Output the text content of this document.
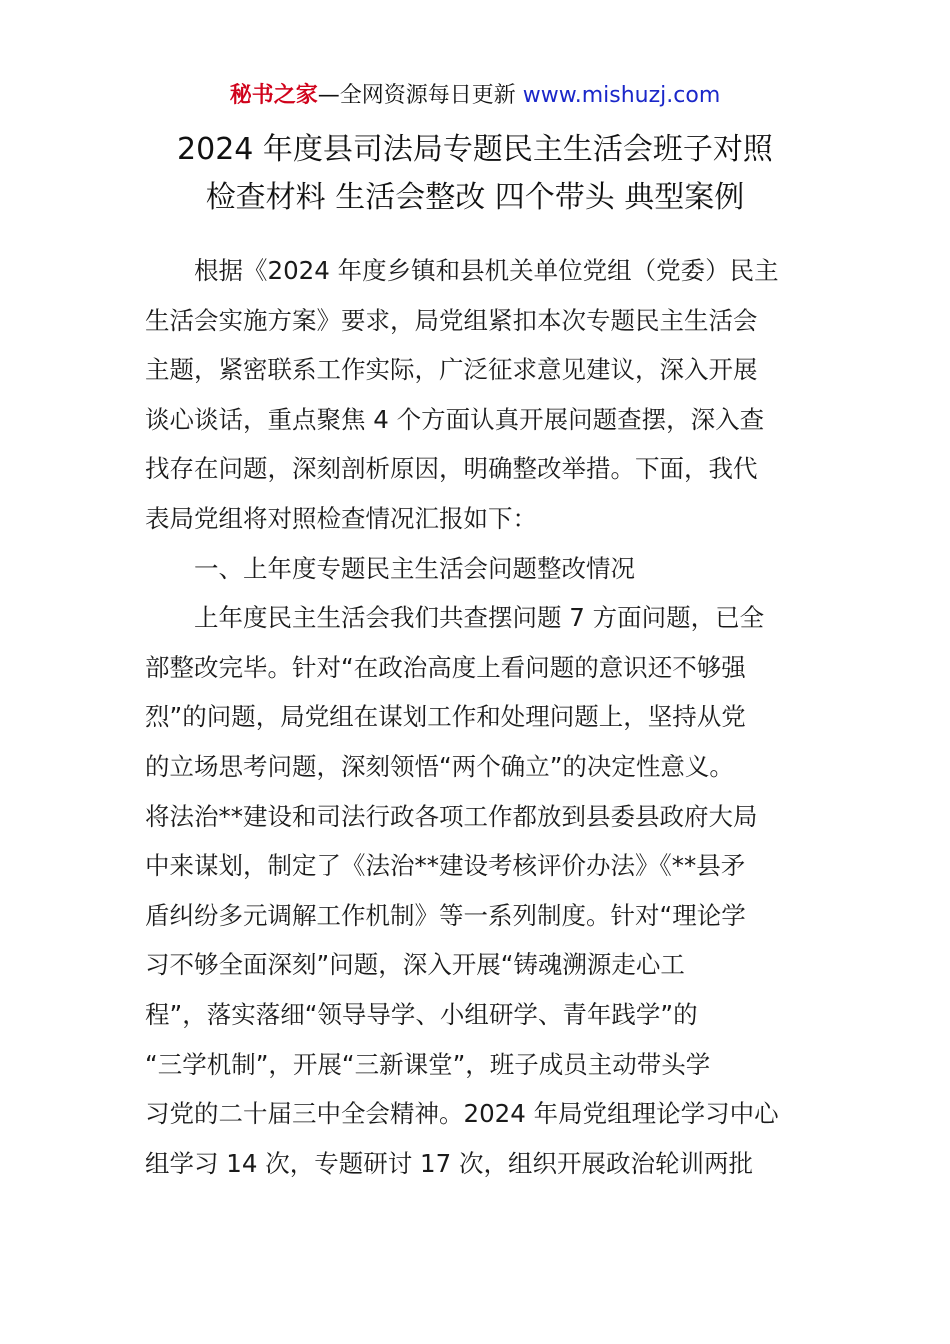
秘书之家—全网资源每日更新 www.mishuzj.com
2024 年度县司法局专题民主生活会班子对照
检查材料 生活会整改 四个带头 典型案例
根据《2024 年度乡镇和县机关单位党组（党委）民主
生活会实施方案》要求，局党组紧扣本次专题民主生活会
主题，紧密联系工作实际，广泛征求意见建议，深入开展
谈心谈话，重点聚焦 4 个方面认真开展问题查摆，深入查
找存在问题，深刻剖析原因，明确整改举措。下面，我代
表局党组将对照检查情况汇报如下：
一、上年度专题民主生活会问题整改情况
上年度民主生活会我们共查摆问题 7 方面问题，已全
部整改完毕。针对“在政治高度上看问题的意识还不够强
烈”的问题，局党组在谋划工作和处理问题上，坚持从党
的立场思考问题，深刻领悟“两个确立”的决定性意义。
将法治**建设和司法行政各项工作都放到县委县政府大局
中来谋划，制定了《法治**建设考核评价办法》《**县矛
盾纠纷多元调解工作机制》等一系列制度。针对“理论学
习不够全面深刻”问题，深入开展“铸魂溯源走心工
程”，落实落细“领导导学、小组研学、青年践学”的
“三学机制”，开展“三新课堂”，班子成员主动带头学
习党的二十届三中全会精神。2024 年局党组理论学习中心
组学习 14 次，专题研讨 17 次，组织开展政治轮训两批
